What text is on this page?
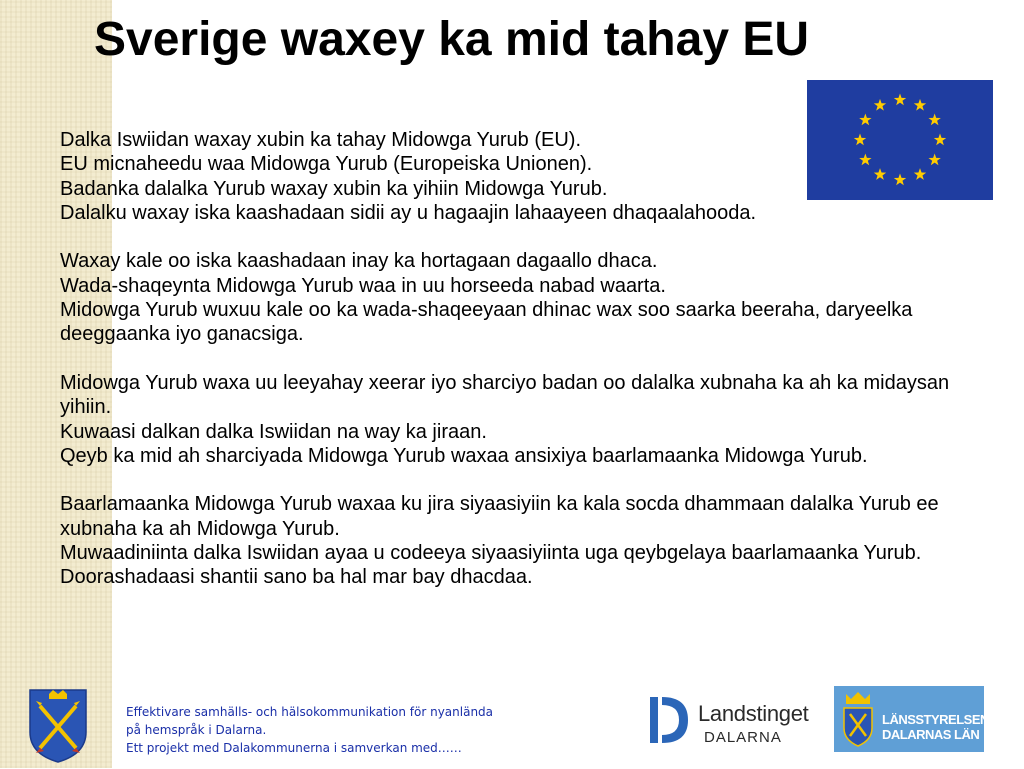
Sverige waxey ka mid tahay EU

Dalka Iswiidan waxay xubin ka tahay Midowga Yurub (EU).

EU micnaheedu waa Midowga Yurub (Europeiska Unionen).

Badanka dalalka Yurub waxay xubin ka yihiin Midowga Yurub.

Dalalku waxay iska kaashadaan sidii ay u hagaajin lahaayeen dhaqaalahooda.

Waxay kale oo iska kaashadaan inay ka hortagaan dagaallo dhaca.

Wada-shaqeynta Midowga Yurub waa in uu horseeda nabad waarta.

Midowga Yurub wuxuu kale oo ka wada-shaqeeyaan dhinac wax soo saarka beeraha, daryeelka deeggaanka iyo ganacsiga.

Midowga Yurub waxa uu leeyahay xeerar iyo sharciyo badan oo dalalka xubnaha ka ah ka midaysan yihiin.

Kuwaasi dalkan dalka Iswiidan na way ka jiraan.

Qeyb ka mid ah sharciyada Midowga Yurub waxaa ansixiya baarlamaanka Midowga Yurub.

Baarlamaanka Midowga Yurub waxaa ku jira siyaasiyiin ka kala socda dhammaan dalalka Yurub ee xubnaha ka ah Midowga Yurub.

Muwaadiniinta dalka Iswiidan ayaa u codeeya siyaasiyiinta uga qeybgelaya baarlamaanka Yurub.

Doorashadaasi shantii sano ba hal mar bay dhacdaa.

Effektivare samhälls- och hälsokommunikation för nyanlända
på hemspråk i Dalarna.
Ett projekt med Dalakommunerna i samverkan med……
Landstinget
DALARNA
LÄNSSTYRELSEN
DALARNAS LÄN
